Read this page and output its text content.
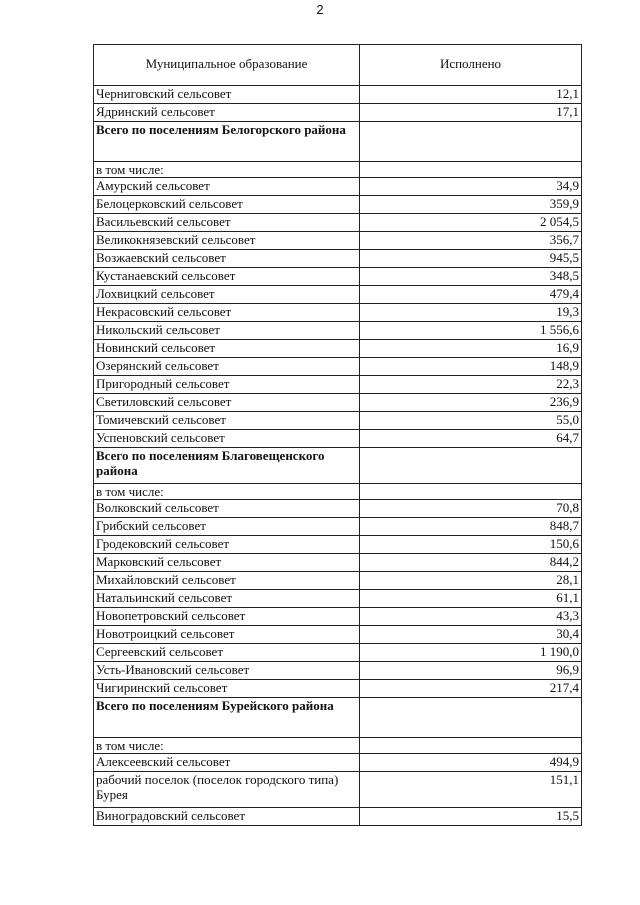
2
Муниципальное образование	Исполнено
Черниговский сельсовет	12,1
Ядринский сельсовет	17,1
Всего по поселениям Белогорского района	
в том числе:	
Амурский сельсовет	34,9
Белоцерковский сельсовет	359,9
Васильевский сельсовет	2 054,5
Великокнязевский сельсовет	356,7
Возжаевский сельсовет	945,5
Кустанаевский сельсовет	348,5
Лохвицкий сельсовет	479,4
Некрасовский сельсовет	19,3
Никольский сельсовет	1 556,6
Новинский сельсовет	16,9
Озерянский сельсовет	148,9
Пригородный сельсовет	22,3
Светиловский сельсовет	236,9
Томичевский сельсовет	55,0
Успеновский сельсовет	64,7
Всего по поселениям Благовещенского района	
в том числе:	
Волковский сельсовет	70,8
Грибский сельсовет	848,7
Гродековский сельсовет	150,6
Марковский сельсовет	844,2
Михайловский сельсовет	28,1
Натальинский сельсовет	61,1
Новопетровский сельсовет	43,3
Новотроицкий сельсовет	30,4
Сергеевский сельсовет	1 190,0
Усть-Ивановский сельсовет	96,9
Чигиринский сельсовет	217,4
Всего по поселениям Бурейского района	
в том числе:	
Алексеевский сельсовет	494,9
рабочий поселок (поселок городского типа) Бурея	151,1
Виноградовский сельсовет	15,5
